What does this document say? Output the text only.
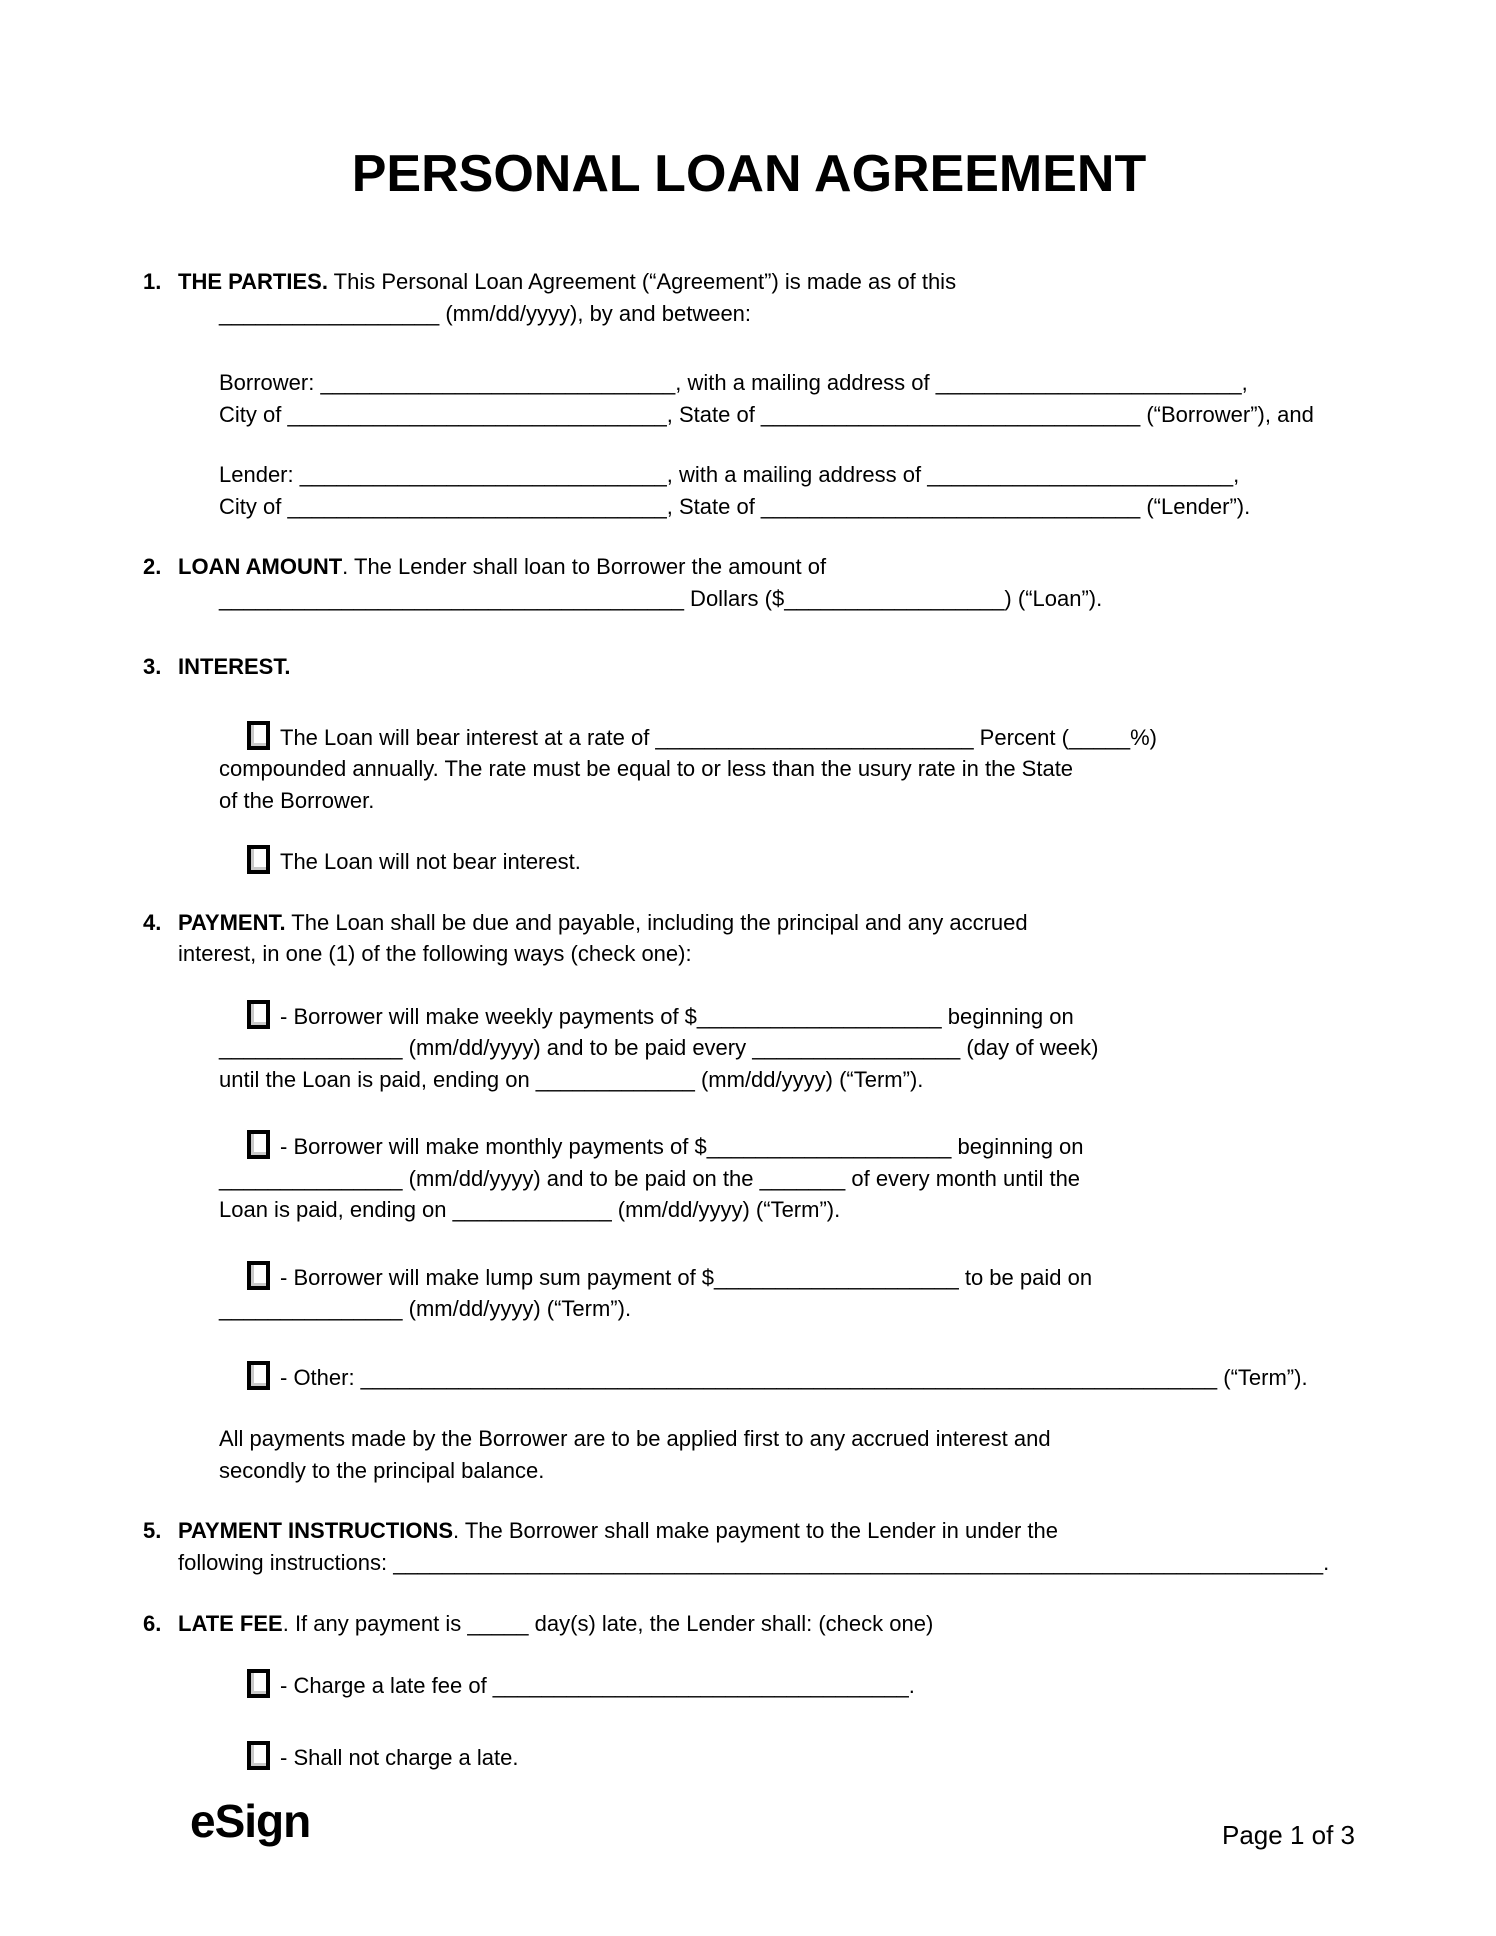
PERSONAL LOAN AGREEMENT
1. THE PARTIES. This Personal Loan Agreement (“Agreement”) is made as of this
__________________ (mm/dd/yyyy), by and between:
Borrower: _____________________________, with a mailing address of _________________________,
City of _______________________________, State of _______________________________ (“Borrower”), and
Lender: ______________________________, with a mailing address of _________________________,
City of _______________________________, State of _______________________________ (“Lender”).
2. LOAN AMOUNT. The Lender shall loan to Borrower the amount of
______________________________________ Dollars ($__________________) (“Loan”).
3. INTEREST.
The Loan will bear interest at a rate of __________________________ Percent (_____%)
compounded annually. The rate must be equal to or less than the usury rate in the State
of the Borrower.
The Loan will not bear interest.
4. PAYMENT. The Loan shall be due and payable, including the principal and any accrued
interest, in one (1) of the following ways (check one):
- Borrower will make weekly payments of $____________________ beginning on
_______________ (mm/dd/yyyy) and to be paid every _________________ (day of week)
until the Loan is paid, ending on _____________ (mm/dd/yyyy) (“Term”).
- Borrower will make monthly payments of $____________________ beginning on
_______________ (mm/dd/yyyy) and to be paid on the _______ of every month until the
Loan is paid, ending on _____________ (mm/dd/yyyy) (“Term”).
- Borrower will make lump sum payment of $____________________ to be paid on
_______________ (mm/dd/yyyy) (“Term”).
- Other: ______________________________________________________________________ (“Term”).
All payments made by the Borrower are to be applied first to any accrued interest and
secondly to the principal balance.
5. PAYMENT INSTRUCTIONS. The Borrower shall make payment to the Lender in under the
following instructions: ____________________________________________________________________________.
6. LATE FEE. If any payment is _____ day(s) late, the Lender shall: (check one)
- Charge a late fee of __________________________________.
- Shall not charge a late.
eSign	Page 1 of 3
